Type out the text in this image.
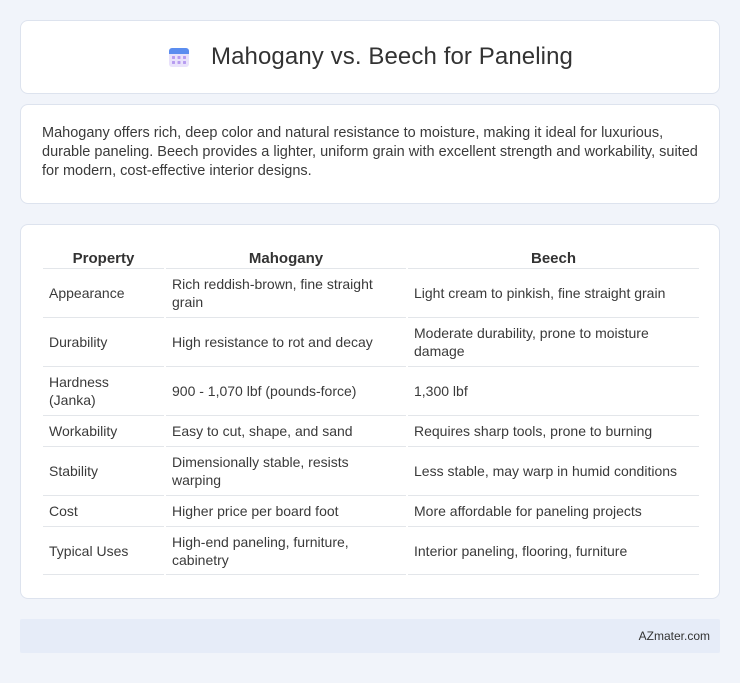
Mahogany vs. Beech for Paneling

Mahogany offers rich, deep color and natural resistance to moisture, making it ideal for luxurious, durable paneling. Beech provides a lighter, uniform grain with excellent strength and workability, suited for modern, cost-effective interior designs.

Property	Mahogany	Beech
Appearance	Rich reddish-brown, fine straight grain	Light cream to pinkish, fine straight grain
Durability	High resistance to rot and decay	Moderate durability, prone to moisture damage
Hardness (Janka)	900 - 1,070 lbf (pounds-force)	1,300 lbf
Workability	Easy to cut, shape, and sand	Requires sharp tools, prone to burning
Stability	Dimensionally stable, resists warping	Less stable, may warp in humid conditions
Cost	Higher price per board foot	More affordable for paneling projects
Typical Uses	High-end paneling, furniture, cabinetry	Interior paneling, flooring, furniture
AZmater.com
